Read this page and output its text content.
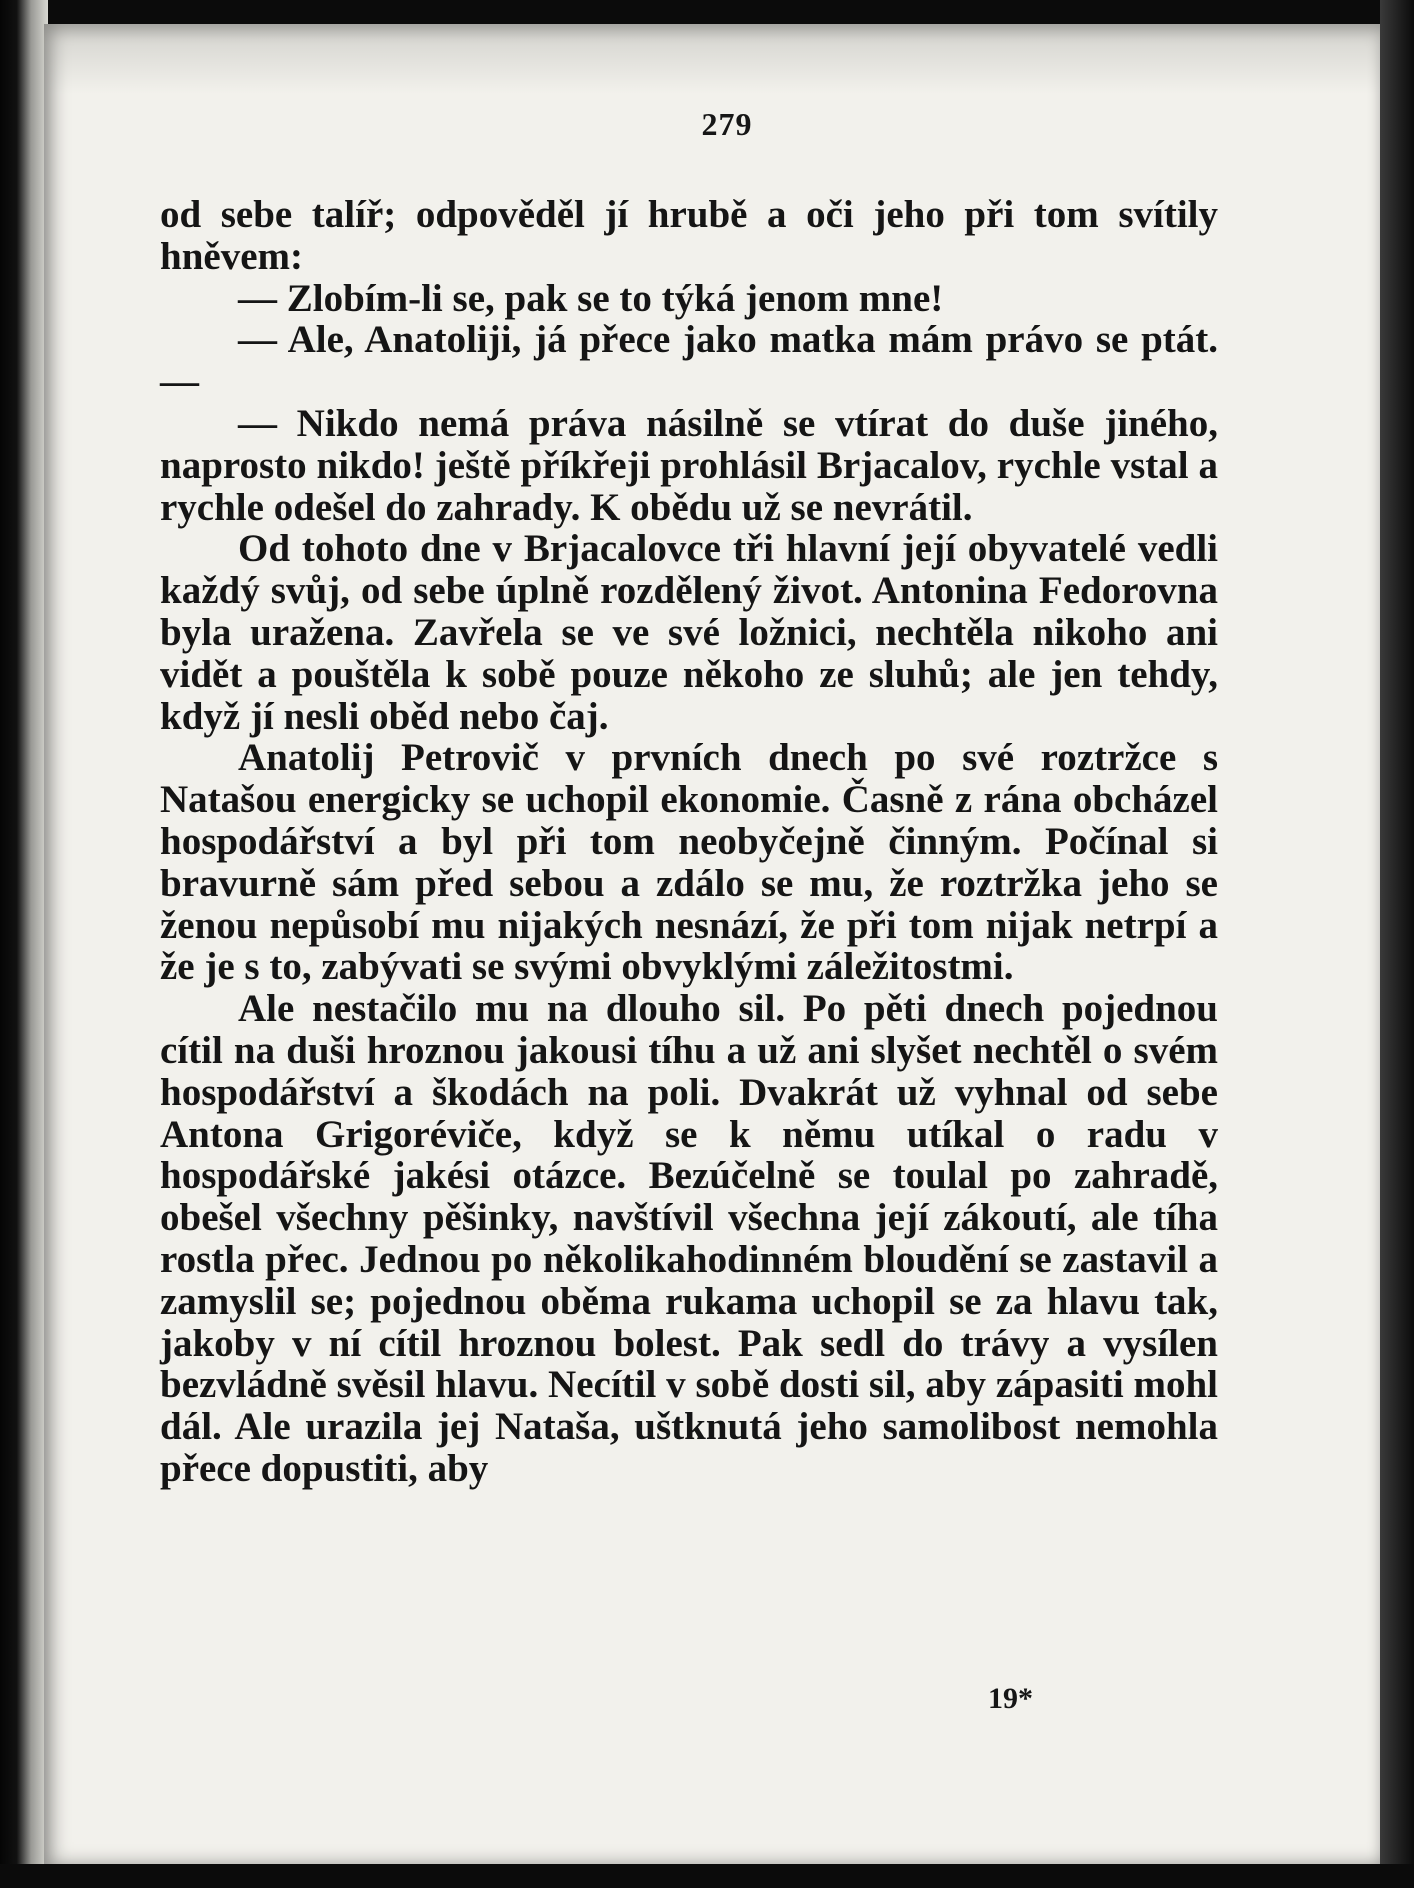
279

od sebe talíř; odpověděl jí hrubě a oči jeho při tom svítily hněvem:

— Zlobím-li se, pak se to týká jenom mne!

— Ale, Anatoliji, já přece jako matka mám právo se ptát. —

— Nikdo nemá práva násilně se vtírat do duše jiného, naprosto nikdo! ještě příkřeji prohlásil Brjacalov, rychle vstal a rychle odešel do zahrady. K obědu už se nevrátil.

Od tohoto dne v Brjacalovce tři hlavní její obyvatelé vedli každý svůj, od sebe úplně rozdělený život. Antonina Fedorovna byla uražena. Zavřela se ve své ložnici, nechtěla nikoho ani vidět a pouštěla k sobě pouze někoho ze sluhů; ale jen tehdy, když jí nesli oběd nebo čaj.

Anatolij Petrovič v prvních dnech po své roztržce s Natašou energicky se uchopil ekonomie. Časně z rána obcházel hospodářství a byl při tom neobyčejně činným. Počínal si bravurně sám před sebou a zdálo se mu, že roztržka jeho se ženou nepůsobí mu nijakých nesnází, že při tom nijak netrpí a že je s to, zabývati se svými obvyklými záležitostmi.

Ale nestačilo mu na dlouho sil. Po pěti dnech pojednou cítil na duši hroznou jakousi tíhu a už ani slyšet nechtěl o svém hospodářství a škodách na poli. Dvakrát už vyhnal od sebe Antona Grigoréviče, když se k němu utíkal o radu v hospodářské jakési otázce. Bezúčelně se toulal po zahradě, obešel všechny pěšinky, navštívil všechna její zákoutí, ale tíha rostla přec. Jednou po několikahodinném bloudění se zastavil a zamyslil se; pojednou oběma rukama uchopil se za hlavu tak, jakoby v ní cítil hroznou bolest. Pak sedl do trávy a vysílen bezvládně svěsil hlavu. Necítil v sobě dosti sil, aby zápasiti mohl dál. Ale urazila jej Nataša, uštknutá jeho samolibost nemohla přece dopustiti, aby

19*
